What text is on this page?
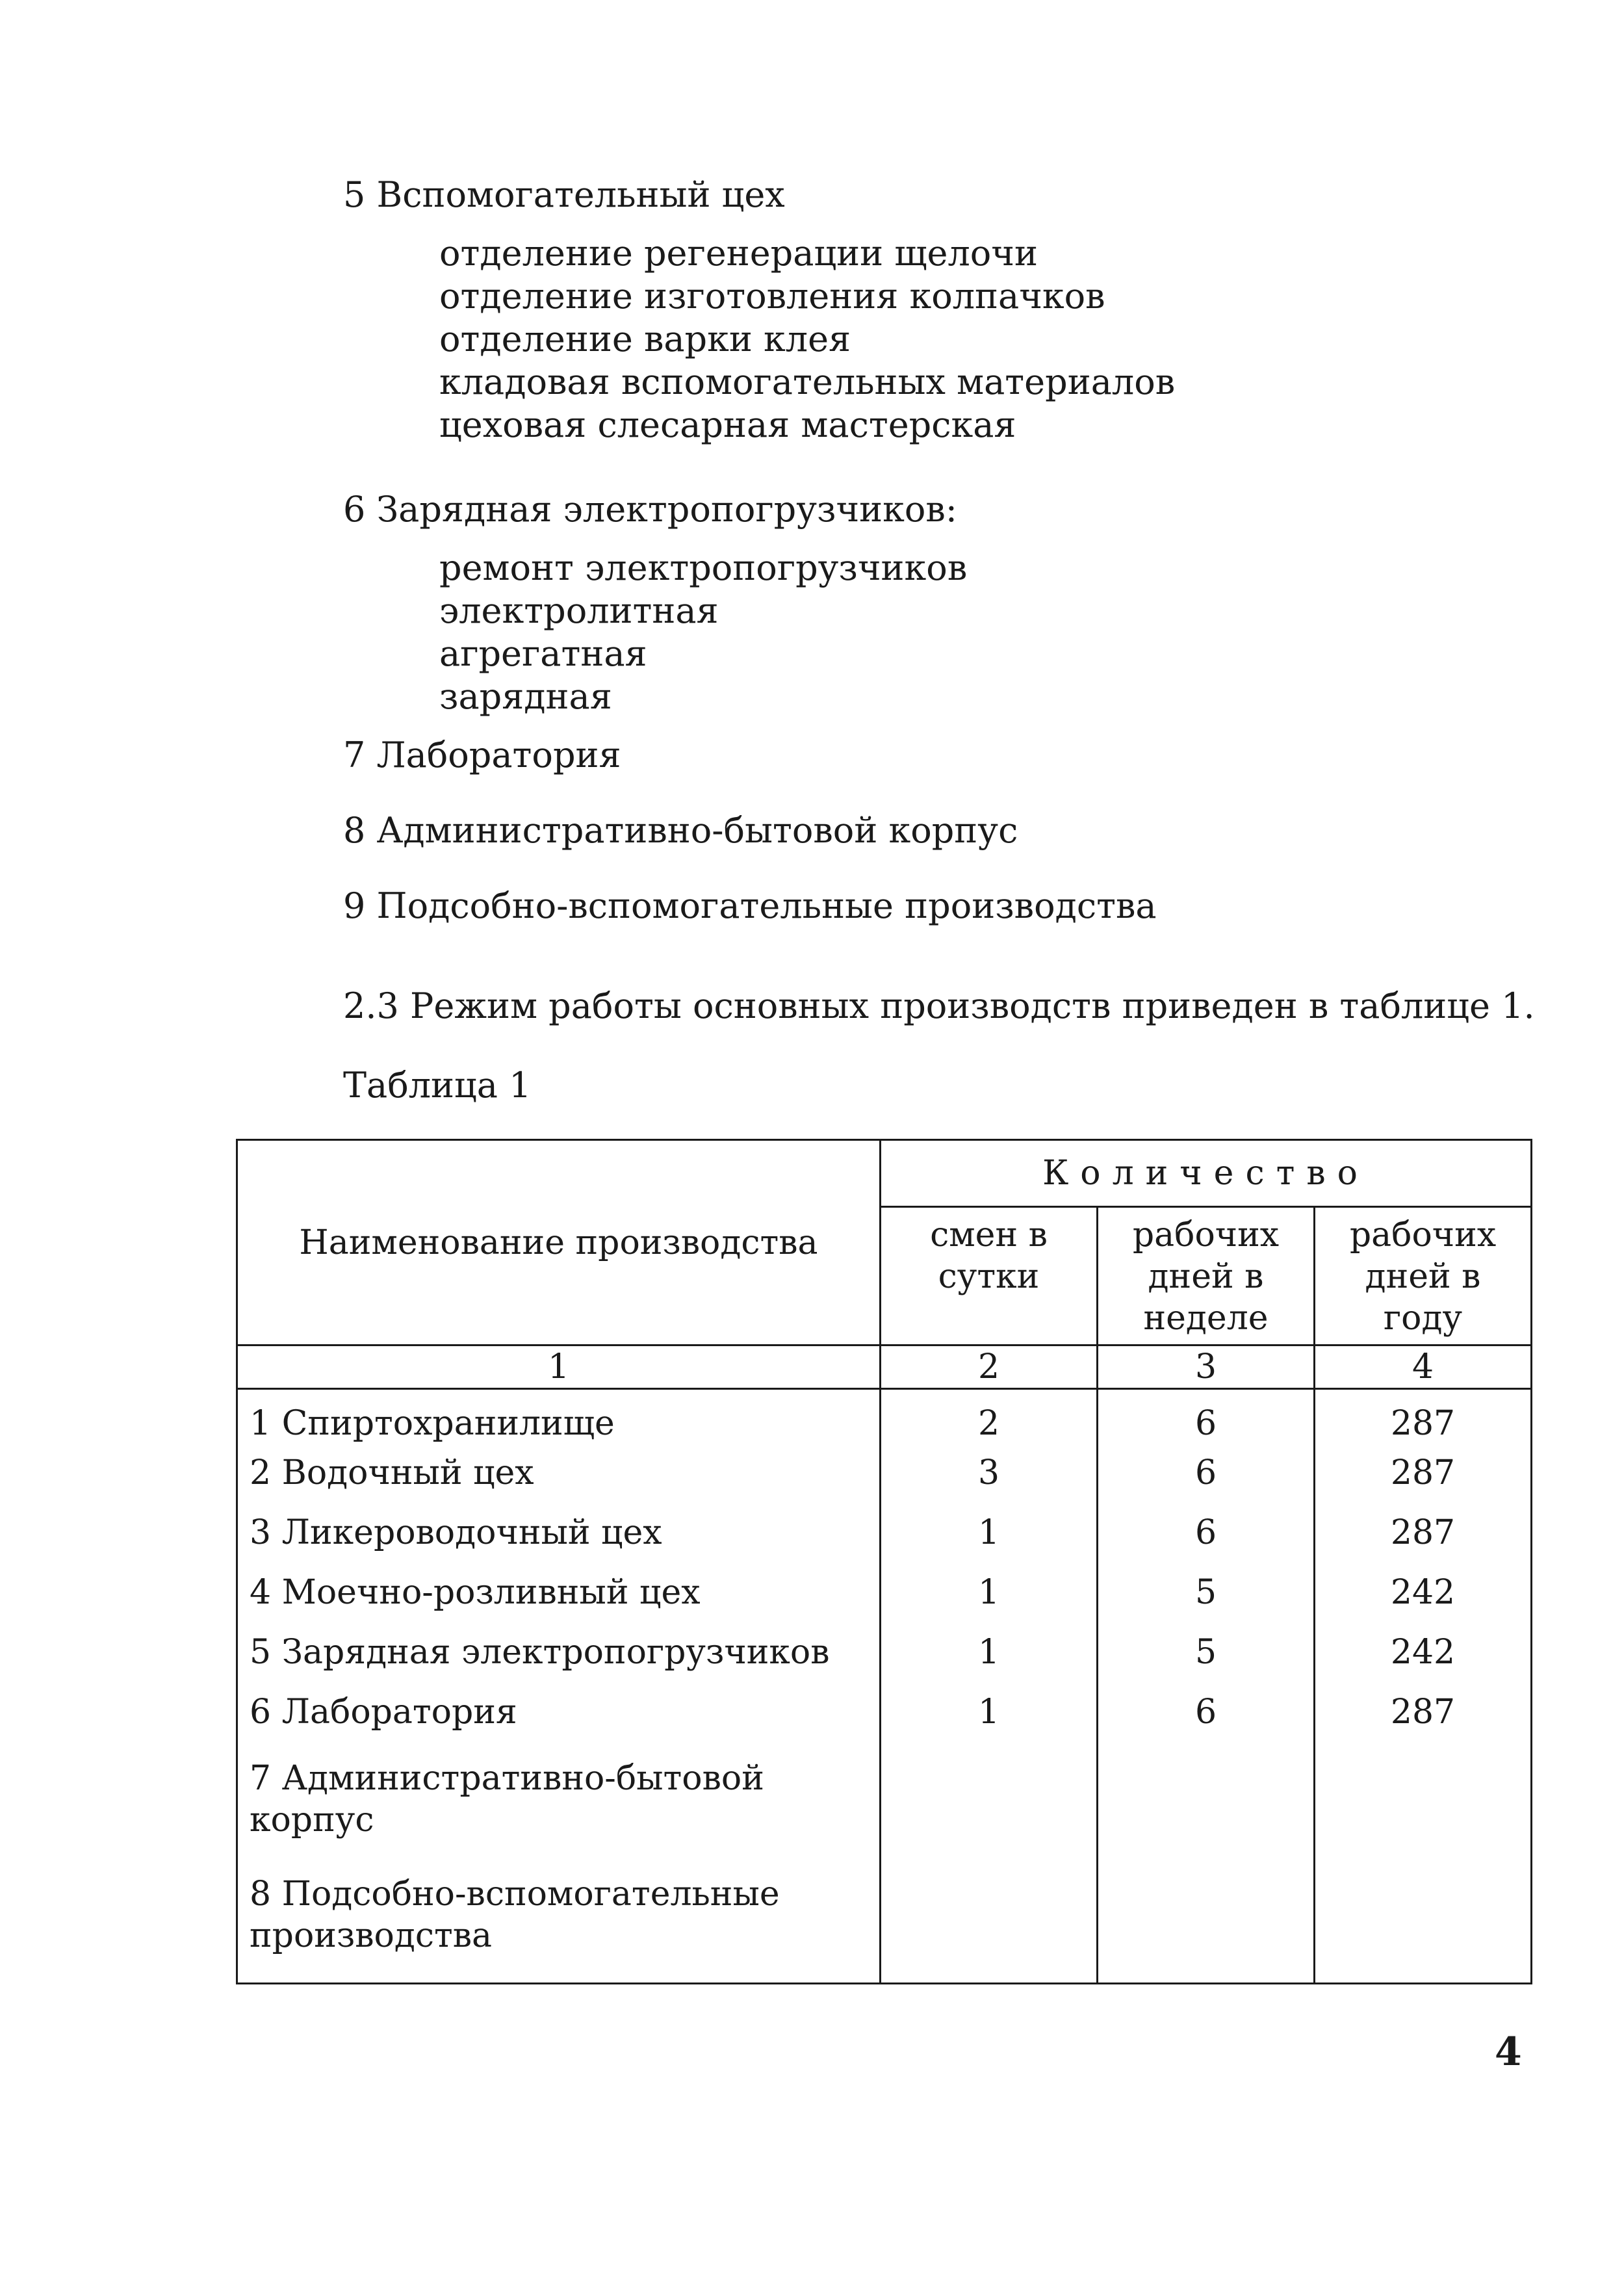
5 Вспомогательный цех
отделение регенерации щелочи
отделение изготовления колпачков
отделение варки клея
кладовая вспомогательных материалов
цеховая слесарная мастерская
6 Зарядная электропогрузчиков:
ремонт электропогрузчиков
электролитная
агрегатная
зарядная
7 Лаборатория
8 Административно-бытовой корпус
9 Подсобно-вспомогательные производства
2.3 Режим работы основных производств приведен в таблице 1.
Таблица 1
Наименование производства	Количество		
	смен в сутки	рабочих дней в неделе	рабочих дней в году
1	2	3	4
1 Спиртохранилище	2	6	287
2 Водочный цех	3	6	287
3 Ликероводочный цех	1	6	287
4 Моечно-розливный цех	1	5	242
5 Зарядная электропогрузчиков	1	5	242
6 Лаборатория	1	6	287
7 Административно-бытовой корпус			
8 Подсобно-вспомогательные производства			
4
